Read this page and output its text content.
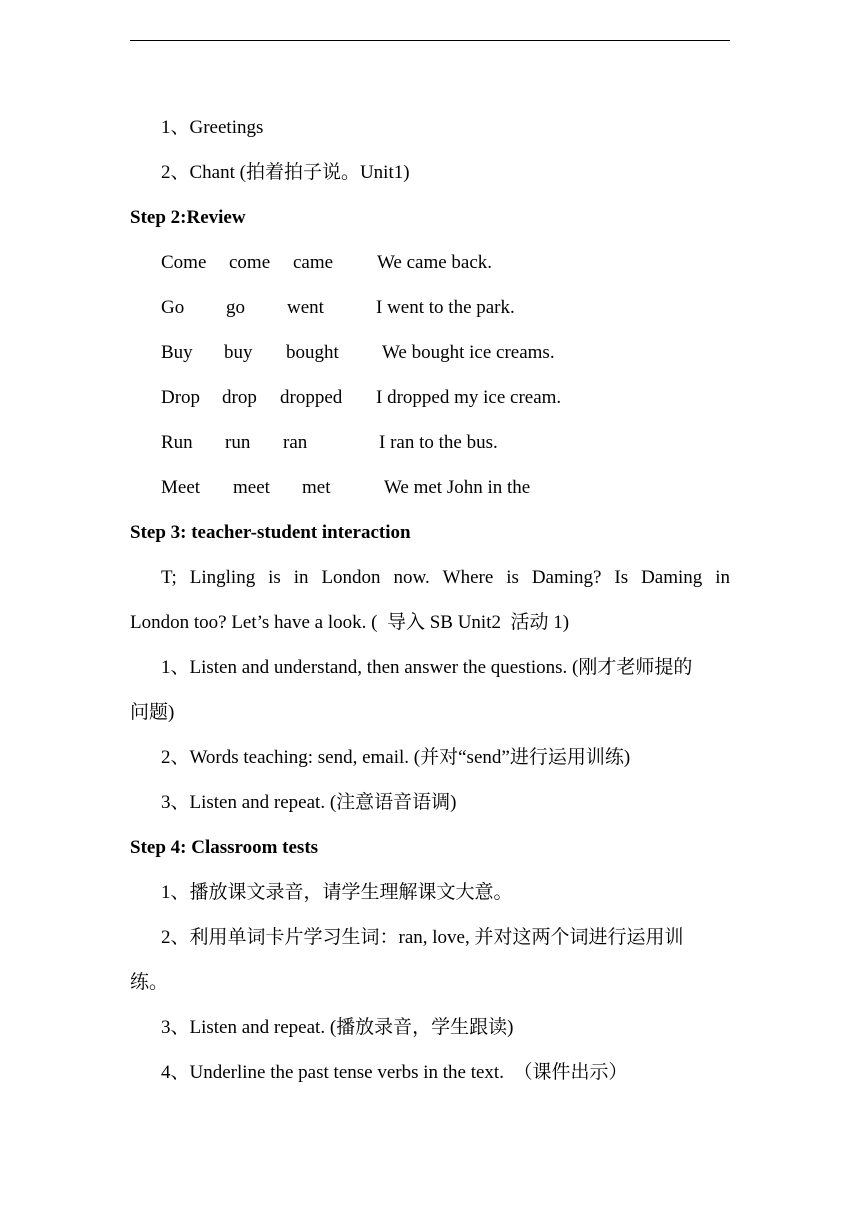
1、Greetings
2、Chant (拍着拍子说。Unit1)
Step 2:Review
Come come came We came back.
Go go went	I went to the park.
Buy buy bought We bought ice creams.
Drop drop dropped I dropped my ice cream.
Run run ran	I ran to the bus.
Meet meet met	We met John in the
Step 3: teacher-student interaction
T; Lingling is in London now. Where is Daming? Is Daming in
London too? Let’s have a look. (  导入 SB Unit2  活动 1)
1、Listen and understand, then answer the questions. (刚才老师提的
问题)
2、Words teaching: send, email. (并对“send”进行运用训练)
3、Listen and repeat. (注意语音语调)
Step 4: Classroom tests
1、播放课文录音，请学生理解课文大意。
2、利用单词卡片学习生词：ran, love, 并对这两个词进行运用训
练。
3、Listen and repeat. (播放录音，学生跟读)
4、Underline the past tense verbs in the text.  （课件出示）
